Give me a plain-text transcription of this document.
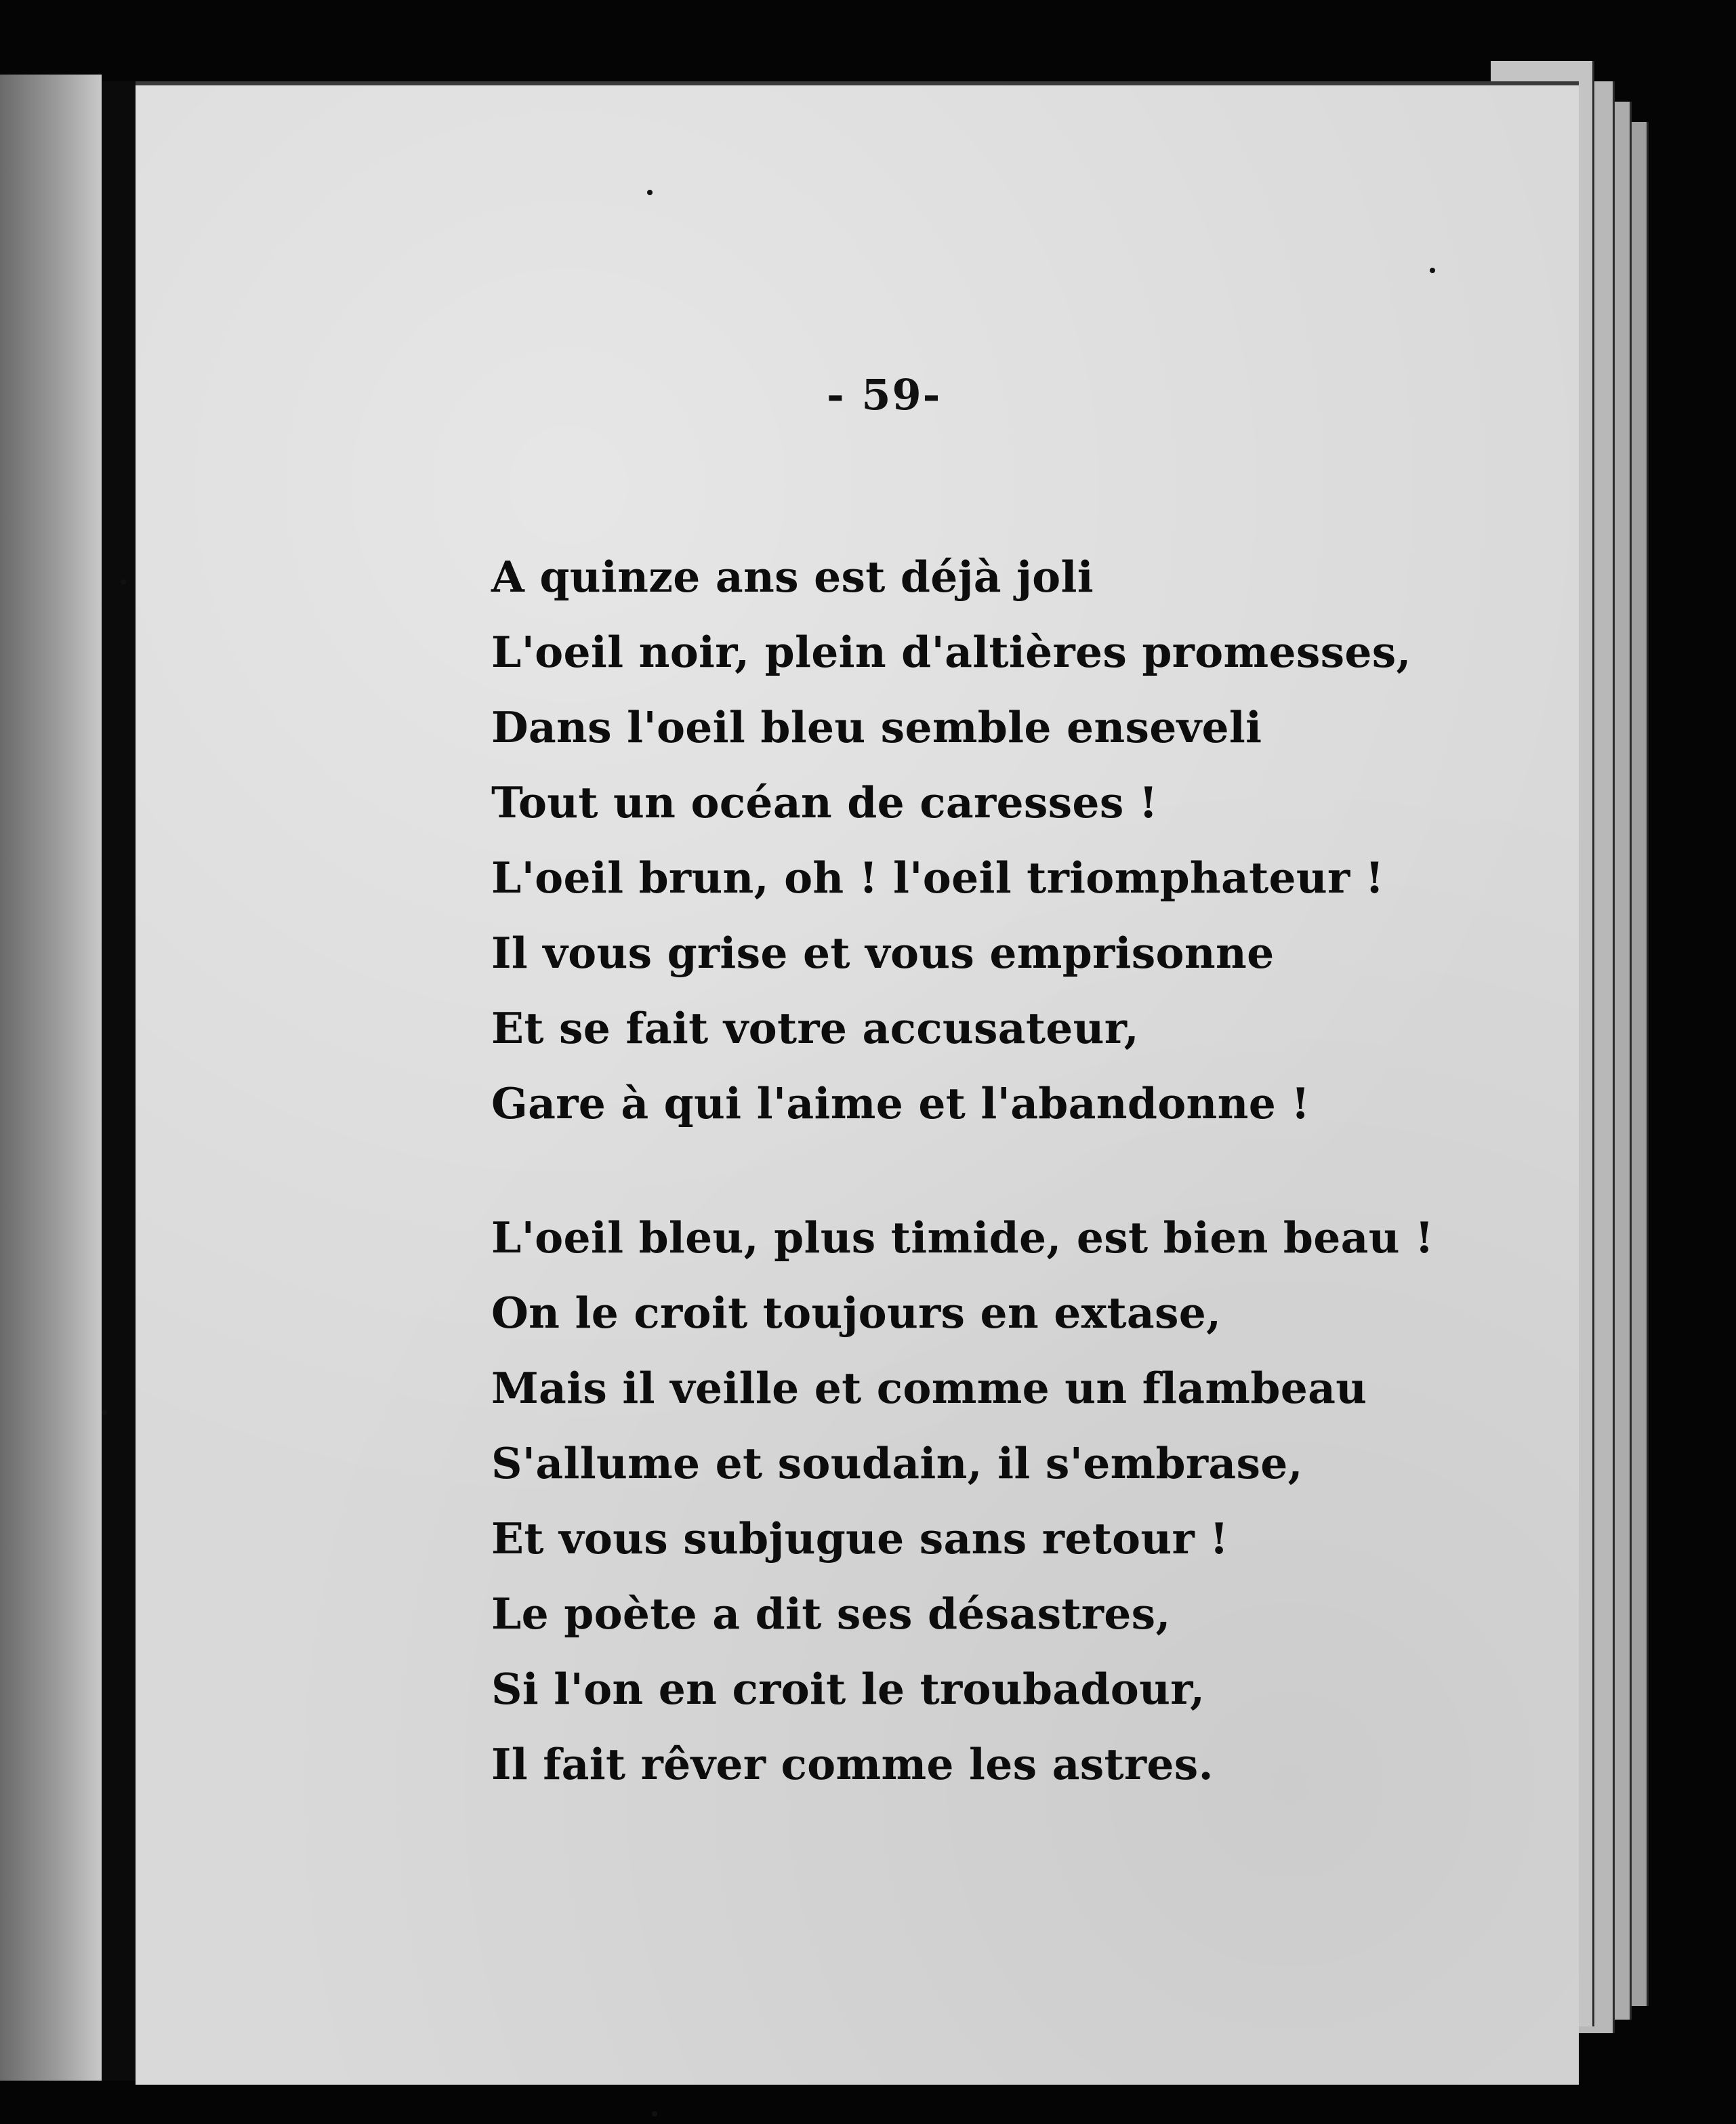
- 59-

A quinze ans est déjà joli
L'oeil noir, plein d'altières promesses,
Dans l'oeil bleu semble enseveli
Tout un océan de caresses !
L'oeil brun, oh ! l'oeil triomphateur !
Il vous grise et vous emprisonne
Et se fait votre accusateur,
Gare à qui l'aime et l'abandonne !
L'oeil bleu, plus timide, est bien beau !
On le croit toujours en extase,
Mais il veille et comme un flambeau
S'allume et soudain, il s'embrase,
Et vous subjugue sans retour !
Le poète a dit ses désastres,
Si l'on en croit le troubadour,
Il fait rêver comme les astres.
